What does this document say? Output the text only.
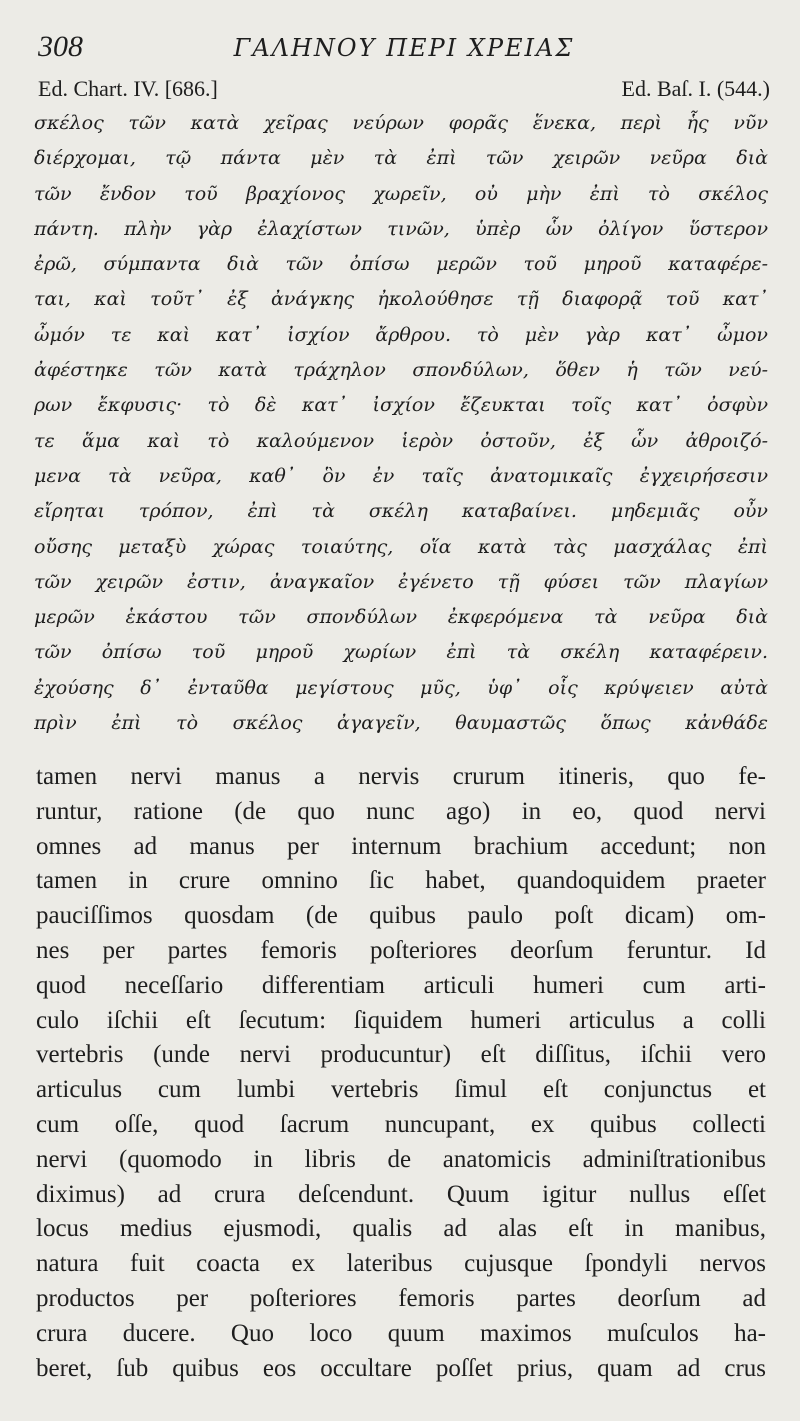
308	ΓΑΛΗΝΟΥ ΠΕΡΙ ΧΡΕΙΑΣ
Ed. Chart. IV. [686.]	Ed. Baſ. I. (544.)
σκέλος τῶν κατὰ χεῖρας νεύρων φορᾶς ἕνεκα, περὶ ἧς νῦν
διέρχομαι, τῷ πάντα μὲν τὰ ἐπὶ τῶν χειρῶν νεῦρα διὰ
τῶν ἔνδον τοῦ βραχίονος χωρεῖν, οὐ μὴν ἐπὶ τὸ σκέλος
πάντη. πλὴν γὰρ ἐλαχίστων τινῶν, ὑπὲρ ὧν ὀλίγον ὕστερον
ἐρῶ, σύμπαντα διὰ τῶν ὀπίσω μερῶν τοῦ μηροῦ καταφέρε-
ται, καὶ τοῦτ᾽ ἐξ ἀνάγκης ἠκολούθησε τῇ διαφορᾷ τοῦ κατ᾽
ὦμόν τε καὶ κατ᾽ ἰσχίον ἄρθρου. τὸ μὲν γὰρ κατ᾽ ὦμον
ἀφέστηκε τῶν κατὰ τράχηλον σπονδύλων, ὅθεν ἡ τῶν νεύ-
ρων ἔκφυσις· τὸ δὲ κατ᾽ ἰσχίον ἔζευκται τοῖς κατ᾽ ὀσφὺν
τε ἅμα καὶ τὸ καλούμενον ἱερὸν ὀστοῦν, ἐξ ὧν ἀθροιζό-
μενα τὰ νεῦρα, καθ᾽ ὃν ἐν ταῖς ἀνατομικαῖς ἐγχειρήσεσιν
εἴρηται τρόπον, ἐπὶ τὰ σκέλη καταβαίνει. μηδεμιᾶς οὖν
οὔσης μεταξὺ χώρας τοιαύτης, οἵα κατὰ τὰς μασχάλας ἐπὶ
τῶν χειρῶν ἐστιν, ἀναγκαῖον ἐγένετο τῇ φύσει τῶν πλαγίων
μερῶν ἑκάστου τῶν σπονδύλων ἐκφερόμενα τὰ νεῦρα διὰ
τῶν ὀπίσω τοῦ μηροῦ χωρίων ἐπὶ τὰ σκέλη καταφέρειν.
ἐχούσης δ᾽ ἐνταῦθα μεγίστους μῦς, ὑφ᾽ οἷς κρύψειεν αὐτὰ
πρὶν ἐπὶ τὸ σκέλος ἀγαγεῖν, θαυμαστῶς ὅπως κἀνθάδε
tamen nervi manus a nervis crurum itineris, quo fe-
runtur, ratione (de quo nunc ago) in eo, quod nervi
omnes ad manus per internum brachium accedunt; non
tamen in crure omnino ſic habet, quandoquidem praeter
pauciſſimos quosdam (de quibus paulo poſt dicam) om-
nes per partes femoris poſteriores deorſum feruntur. Id
quod neceſſario differentiam articuli humeri cum arti-
culo iſchii eſt ſecutum: ſiquidem humeri articulus a colli
vertebris (unde nervi producuntur) eſt diſſitus, iſchii vero
articulus cum lumbi vertebris ſimul eſt conjunctus et
cum oſſe, quod ſacrum nuncupant, ex quibus collecti
nervi (quomodo in libris de anatomicis adminiſtrationibus
diximus) ad crura deſcendunt. Quum igitur nullus eſſet
locus medius ejusmodi, qualis ad alas eſt in manibus,
natura fuit coacta ex lateribus cujusque ſpondyli nervos
productos per poſteriores femoris partes deorſum ad
crura ducere. Quo loco quum maximos muſculos ha-
beret, ſub quibus eos occultare poſſet prius, quam ad crus
